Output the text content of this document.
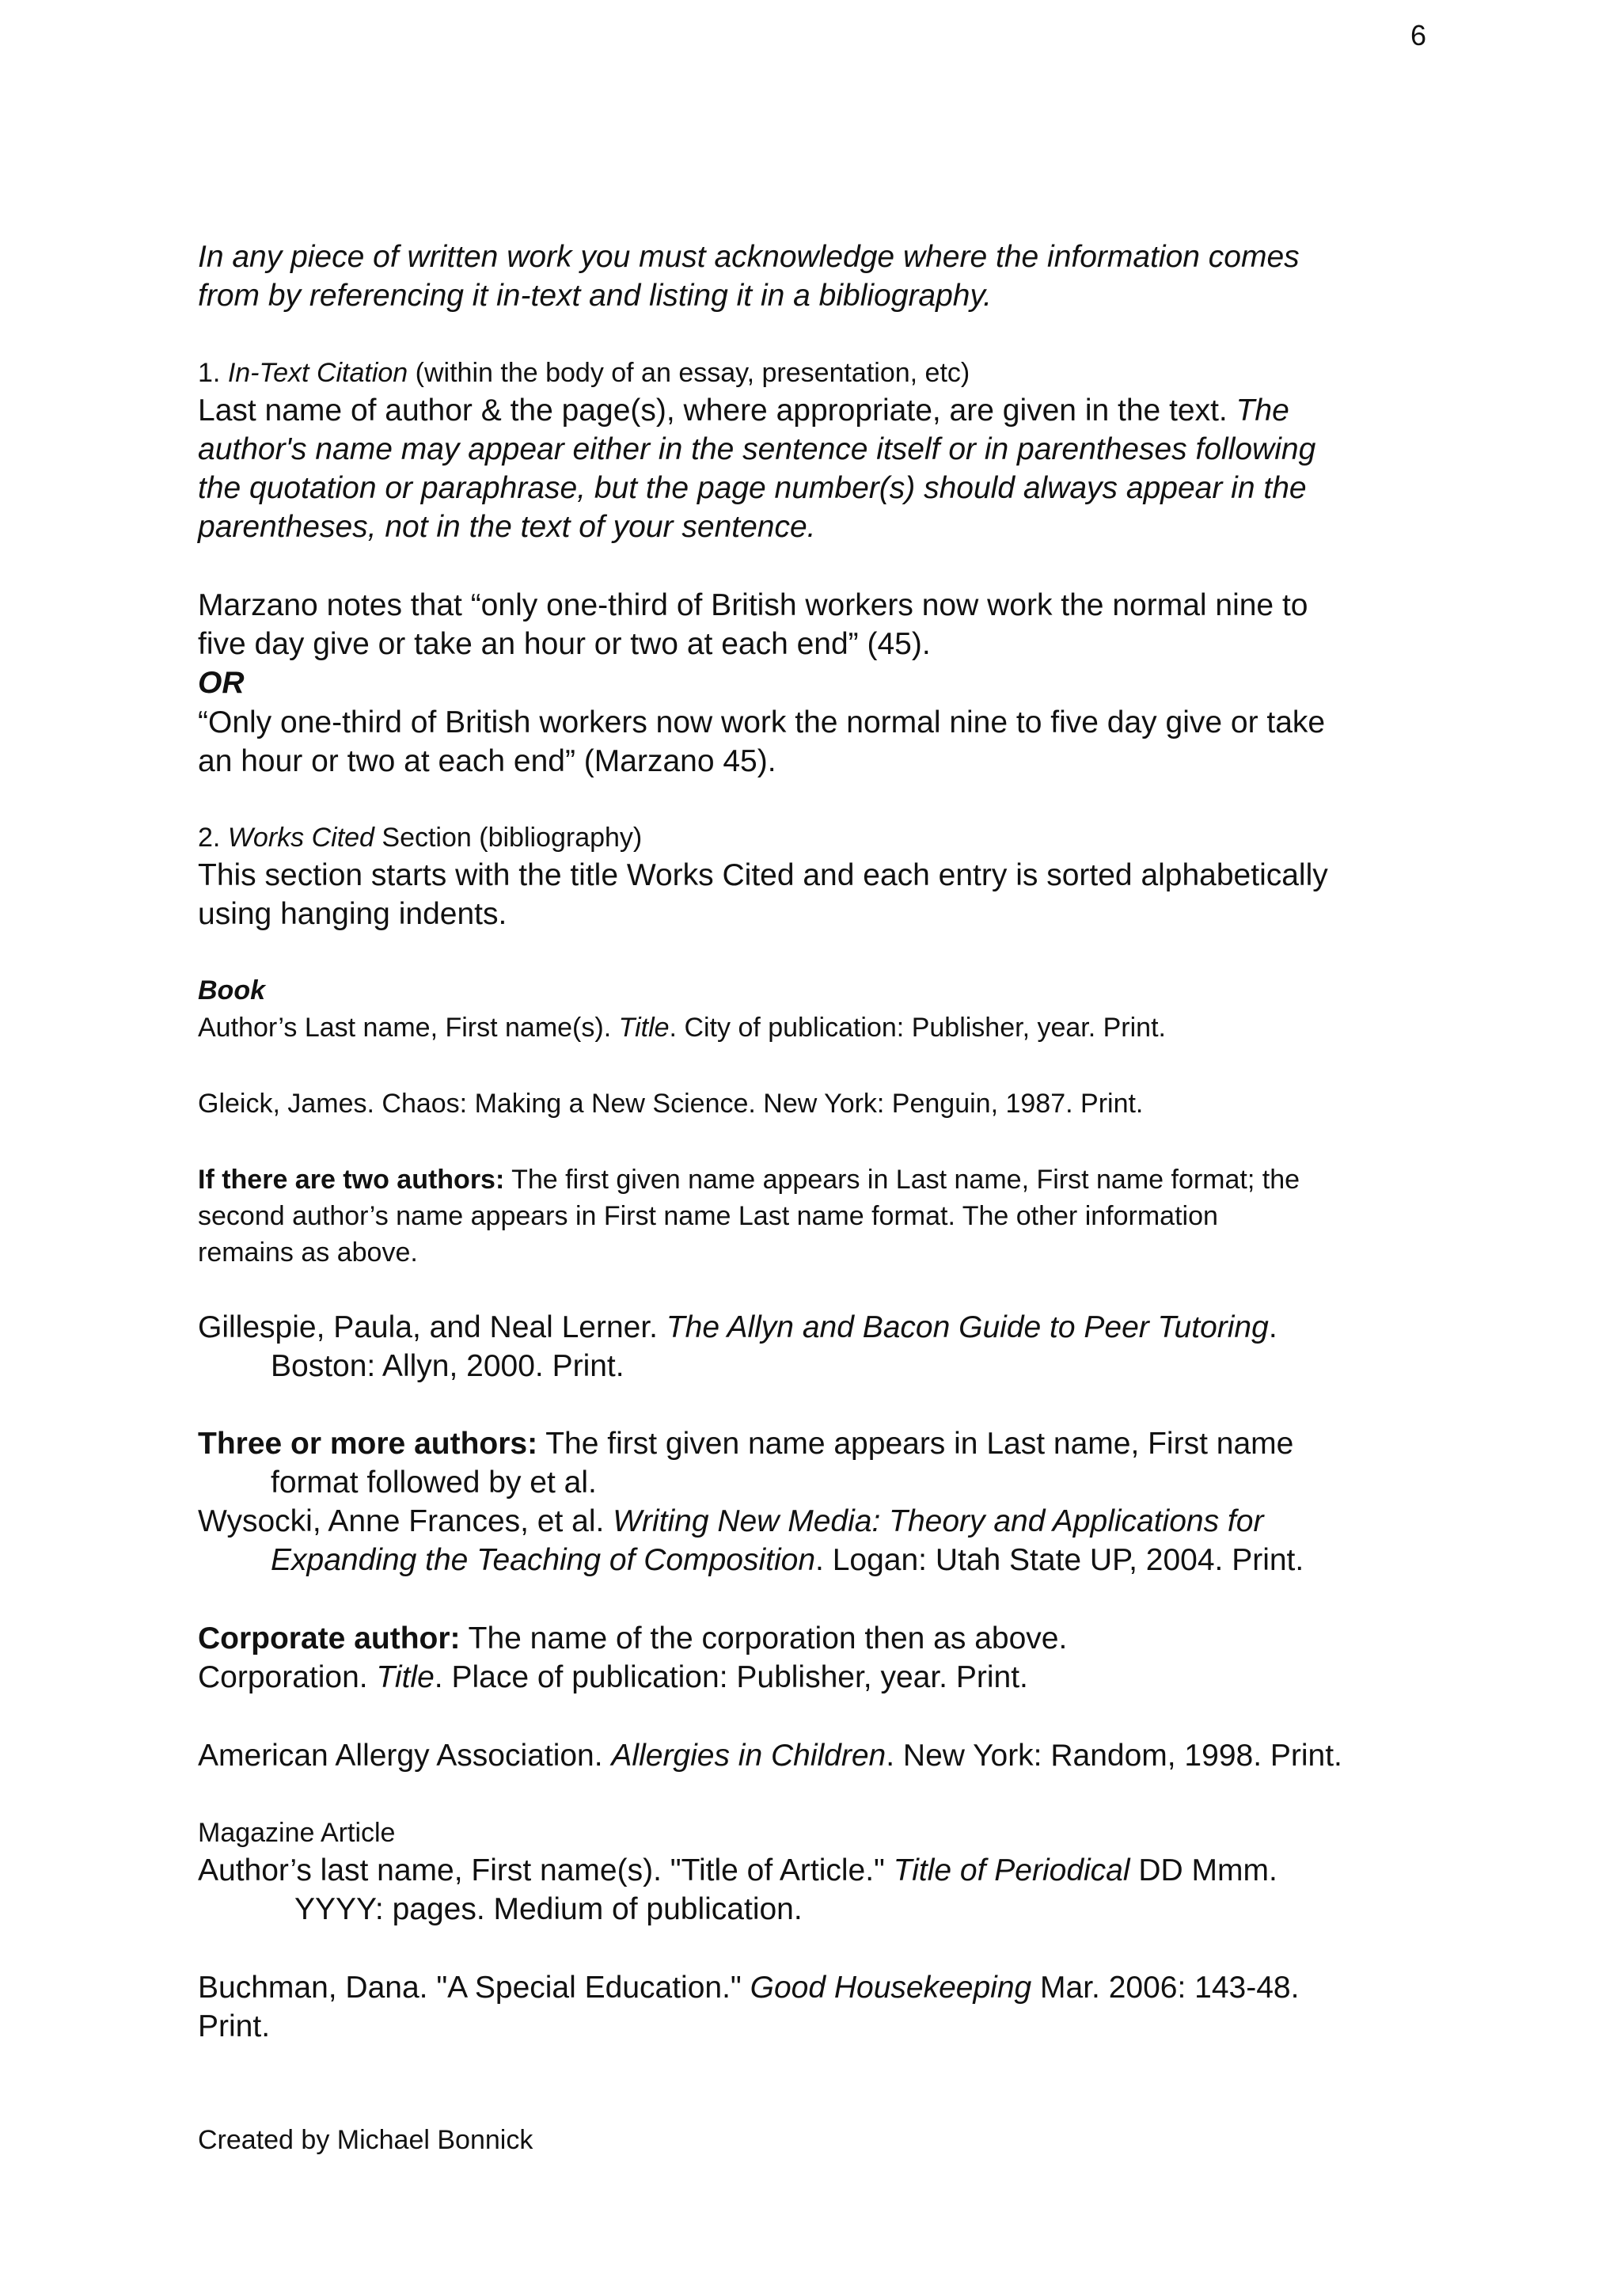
6
In any piece of written work you must acknowledge where the information comes
from by referencing it in-text and listing it in a bibliography.
1. In-Text Citation (within the body of an essay, presentation, etc)
Last name of author & the page(s), where appropriate, are given in the text. The
author's name may appear either in the sentence itself or in parentheses following
the quotation or paraphrase, but the page number(s) should always appear in the
parentheses, not in the text of your sentence.
Marzano notes that “only one-third of British workers now work the normal nine to
five day give or take an hour or two at each end” (45).
OR
“Only one-third of British workers now work the normal nine to five day give or take
an hour or two at each end” (Marzano 45).
2. Works Cited Section (bibliography)
This section starts with the title Works Cited and each entry is sorted alphabetically
using hanging indents.
Book
Author’s Last name, First name(s). Title. City of publication: Publisher, year. Print.
Gleick, James. Chaos: Making a New Science. New York: Penguin, 1987. Print.
If there are two authors: The first given name appears in Last name, First name format; the
second author’s name appears in First name Last name format. The other information
remains as above.
Gillespie, Paula, and Neal Lerner. The Allyn and Bacon Guide to Peer Tutoring.
Boston: Allyn, 2000. Print.
Three or more authors: The first given name appears in Last name, First name
format followed by et al.
Wysocki, Anne Frances, et al. Writing New Media: Theory and Applications for
Expanding the Teaching of Composition. Logan: Utah State UP, 2004. Print.
Corporate author: The name of the corporation then as above.
Corporation. Title. Place of publication: Publisher, year. Print.
American Allergy Association. Allergies in Children. New York: Random, 1998. Print.
Magazine Article
Author’s last name, First name(s). "Title of Article." Title of Periodical DD Mmm.
YYYY: pages. Medium of publication.
Buchman, Dana. "A Special Education." Good Housekeeping Mar. 2006: 143-48.
Print.
Created by Michael Bonnick
